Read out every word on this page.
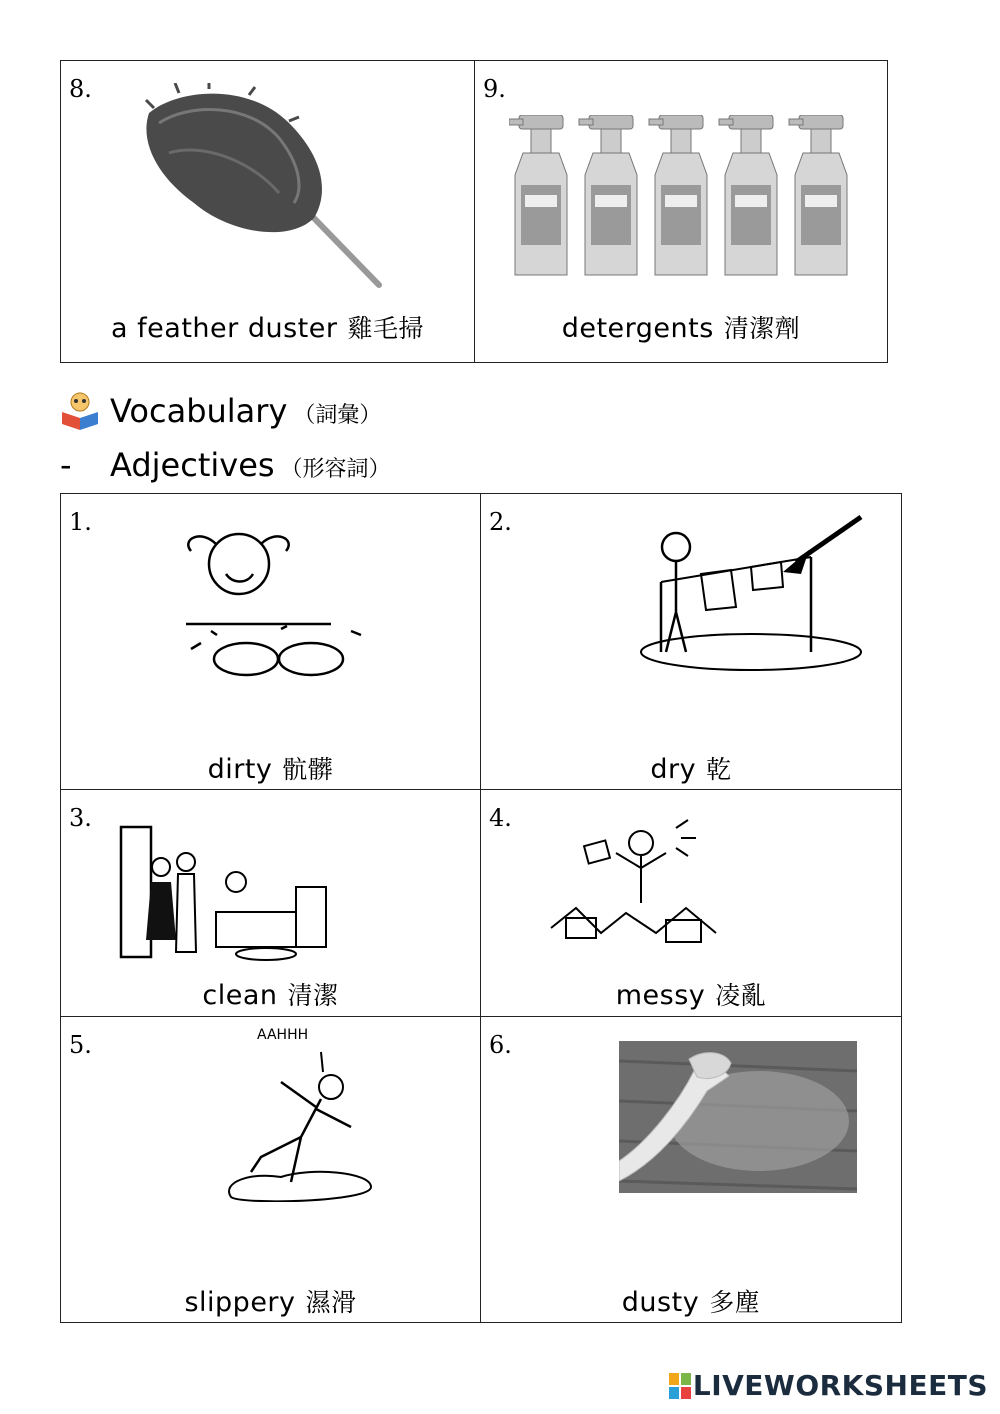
8.
a feather duster 雞毛掃
9.
detergents 清潔劑
Vocabulary （詞彙）
- Adjectives （形容詞）
1.
dirty 骯髒
2.
dry 乾
3.
clean 清潔
4.
messy 凌亂
5.	AAHHH
slippery 濕滑
6.
dusty 多塵
LIVEWORKSHEETS
